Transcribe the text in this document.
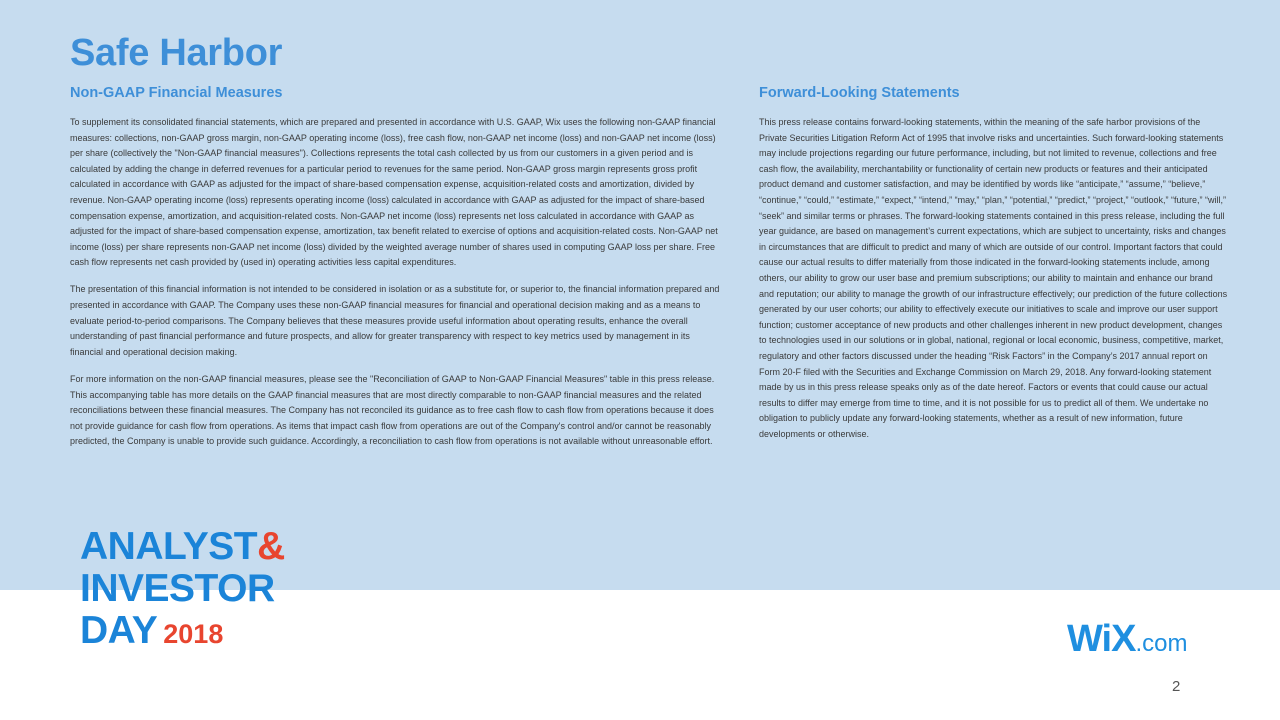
Safe Harbor
Non-GAAP Financial Measures

To supplement its consolidated financial statements, which are prepared and presented in accordance with U.S. GAAP, Wix uses the following non-GAAP financial measures: collections, non-GAAP gross margin, non-GAAP operating income (loss), free cash flow, non-GAAP net income (loss) and non-GAAP net income (loss) per share (collectively the "Non-GAAP financial measures"). Collections represents the total cash collected by us from our customers in a given period and is calculated by adding the change in deferred revenues for a particular period to revenues for the same period. Non-GAAP gross margin represents gross profit calculated in accordance with GAAP as adjusted for the impact of share-based compensation expense, acquisition-related costs and amortization, divided by revenue. Non-GAAP operating income (loss) represents operating income (loss) calculated in accordance with GAAP as adjusted for the impact of share-based compensation expense, amortization, and acquisition-related costs. Non-GAAP net income (loss) represents net loss calculated in accordance with GAAP as adjusted for the impact of share-based compensation expense, amortization, tax benefit related to exercise of options and acquisition-related costs. Non-GAAP net income (loss) per share represents non-GAAP net income (loss) divided by the weighted average number of shares used in computing GAAP loss per share. Free cash flow represents net cash provided by (used in) operating activities less capital expenditures.

The presentation of this financial information is not intended to be considered in isolation or as a substitute for, or superior to, the financial information prepared and presented in accordance with GAAP. The Company uses these non-GAAP financial measures for financial and operational decision making and as a means to evaluate period-to-period comparisons. The Company believes that these measures provide useful information about operating results, enhance the overall understanding of past financial performance and future prospects, and allow for greater transparency with respect to key metrics used by management in its financial and operational decision making.

For more information on the non-GAAP financial measures, please see the "Reconciliation of GAAP to Non-GAAP Financial Measures" table in this press release. This accompanying table has more details on the GAAP financial measures that are most directly comparable to non-GAAP financial measures and the related reconciliations between these financial measures. The Company has not reconciled its guidance as to free cash flow to cash flow from operations because it does not provide guidance for cash flow from operations. As items that impact cash flow from operations are out of the Company's control and/or cannot be reasonably predicted, the Company is unable to provide such guidance. Accordingly, a reconciliation to cash flow from operations is not available without unreasonable effort.

Forward-Looking Statements

This press release contains forward-looking statements, within the meaning of the safe harbor provisions of the Private Securities Litigation Reform Act of 1995 that involve risks and uncertainties. Such forward-looking statements may include projections regarding our future performance, including, but not limited to revenue, collections and free cash flow, the availability, merchantability or functionality of certain new products or features and their anticipated product demand and customer satisfaction, and may be identified by words like “anticipate,” “assume,” “believe,” “continue,” “could,” “estimate,” “expect,” “intend,” “may,” “plan,” “potential,” “predict,” “project,” “outlook,” “future,” “will,” “seek” and similar terms or phrases. The forward-looking statements contained in this press release, including the full year guidance, are based on management’s current expectations, which are subject to uncertainty, risks and changes in circumstances that are difficult to predict and many of which are outside of our control. Important factors that could cause our actual results to differ materially from those indicated in the forward-looking statements include, among others, our ability to grow our user base and premium subscriptions; our ability to maintain and enhance our brand and reputation; our ability to manage the growth of our infrastructure effectively; our prediction of the future collections generated by our user cohorts; our ability to effectively execute our initiatives to scale and improve our user support function; customer acceptance of new products and other challenges inherent in new product development, changes to technologies used in our solutions or in global, national, regional or local economic, business, competitive, market, regulatory and other factors discussed under the heading “Risk Factors” in the Company’s 2017 annual report on Form 20-F filed with the Securities and Exchange Commission on March 29, 2018. Any forward-looking statement made by us in this press release speaks only as of the date hereof. Factors or events that could cause our actual results to differ may emerge from time to time, and it is not possible for us to predict all of them. We undertake no obligation to publicly update any forward-looking statements, whether as a result of new information, future developments or otherwise.

ANALYST&
INVESTOR
DAY 2018	WiX.com
2
